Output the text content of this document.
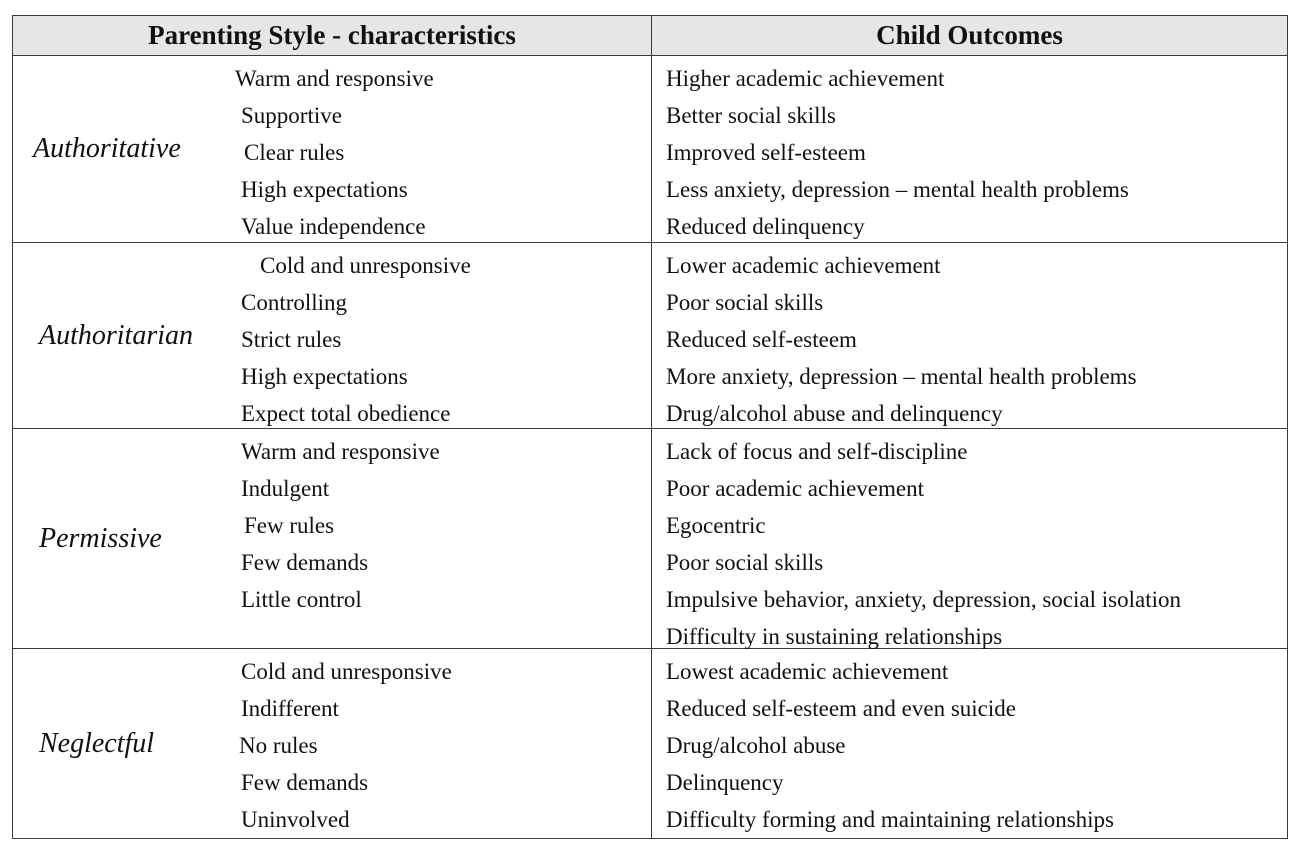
Parenting Style - characteristics	Child Outcomes
Authoritative
Warm and responsive
Supportive
Clear rules
High expectations
Value independence
Higher academic achievement
Better social skills
Improved self-esteem
Less anxiety, depression – mental health problems
Reduced delinquency
Authoritarian
Cold and unresponsive
Controlling
Strict rules
High expectations
Expect total obedience
Lower academic achievement
Poor social skills
Reduced self-esteem
More anxiety, depression – mental health problems
Drug/alcohol abuse and delinquency
Permissive
Warm and responsive
Indulgent
Few rules
Few demands
Little control
Lack of focus and self-discipline
Poor academic achievement
Egocentric
Poor social skills
Impulsive behavior, anxiety, depression, social isolation
Difficulty in sustaining relationships
Neglectful
Cold and unresponsive
Indifferent
No rules
Few demands
Uninvolved
Lowest academic achievement
Reduced self-esteem and even suicide
Drug/alcohol abuse
Delinquency
Difficulty forming and maintaining relationships
